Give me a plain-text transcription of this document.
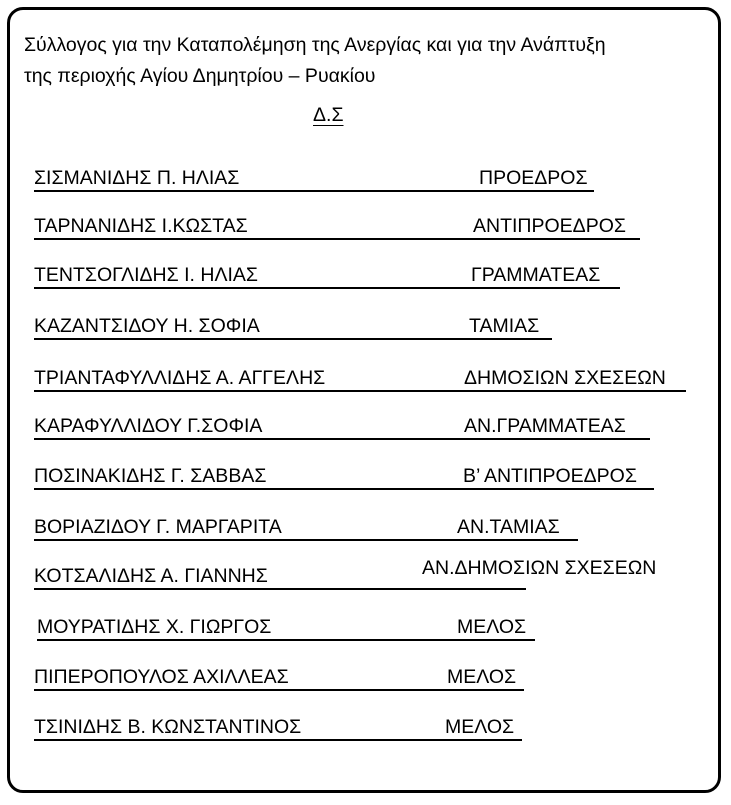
Σύλλογος για την Καταπολέμηση της Ανεργίας και για την Ανάπτυξη
της περιοχής Αγίου Δημητρίου – Ρυακίου
Δ.Σ
ΣΙΣΜΑΝΙΔΗΣ Π. ΗΛΙΑΣ	ΠΡΟΕΔΡΟΣ
ΤΑΡΝΑΝΙΔΗΣ Ι.ΚΩΣΤΑΣ	ΑΝΤΙΠΡΟΕΔΡΟΣ
ΤΕΝΤΣΟΓΛΙΔΗΣ Ι. ΗΛΙΑΣ	ΓΡΑΜΜΑΤΕΑΣ
ΚΑΖΑΝΤΣΙΔΟΥ Η. ΣΟΦΙΑ	ΤΑΜΙΑΣ
ΤΡΙΑΝΤΑΦΥΛΛΙΔΗΣ Α. ΑΓΓΕΛΗΣ	ΔΗΜΟΣΙΩΝ ΣΧΕΣΕΩΝ
ΚΑΡΑΦΥΛΛΙΔΟΥ Γ.ΣΟΦΙΑ	ΑΝ.ΓΡΑΜΜΑΤΕΑΣ
ΠΟΣΙΝΑΚΙΔΗΣ Γ. ΣΑΒΒΑΣ	Β’ ΑΝΤΙΠΡΟΕΔΡΟΣ
ΒΟΡΙΑΖΙΔΟΥ Γ. ΜΑΡΓΑΡΙΤΑ	ΑΝ.ΤΑΜΙΑΣ
ΚΟΤΣΑΛΙΔΗΣ Α. ΓΙΑΝΝΗΣ	ΑΝ.ΔΗΜΟΣΙΩΝ ΣΧΕΣΕΩΝ
ΜΟΥΡΑΤΙΔΗΣ Χ. ΓΙΩΡΓΟΣ	ΜΕΛΟΣ
ΠΙΠΕΡΟΠΟΥΛΟΣ ΑΧΙΛΛΕΑΣ	ΜΕΛΟΣ
ΤΣΙΝΙΔΗΣ Β. ΚΩΝΣΤΑΝΤΙΝΟΣ	ΜΕΛΟΣ
